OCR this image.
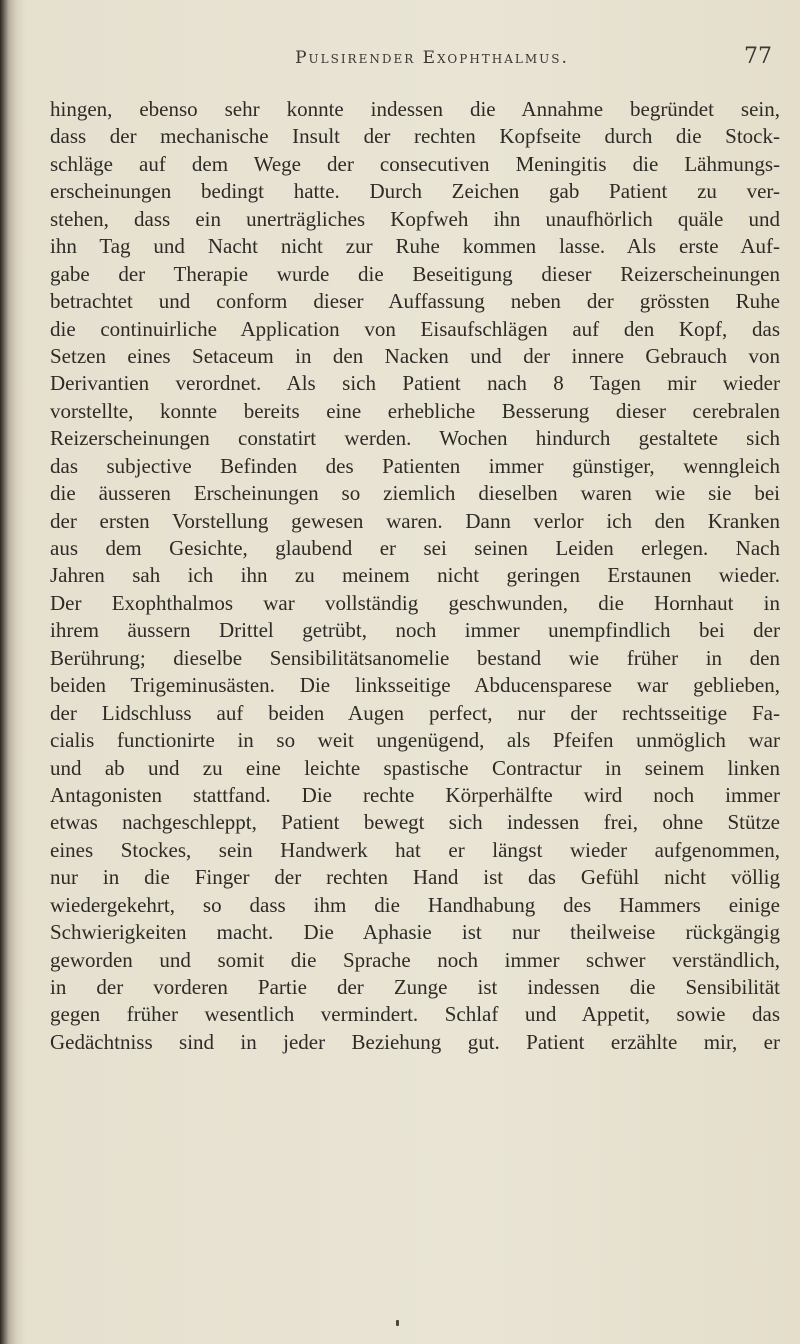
Pulsirender Exophthalmus.	77
hingen, ebenso sehr konnte indessen die Annahme begründet sein,
dass der mechanische Insult der rechten Kopfseite durch die Stock-
schläge auf dem Wege der consecutiven Meningitis die Lähmungs-
erscheinungen bedingt hatte. Durch Zeichen gab Patient zu ver-
stehen, dass ein unerträgliches Kopfweh ihn unaufhörlich quäle und
ihn Tag und Nacht nicht zur Ruhe kommen lasse. Als erste Auf-
gabe der Therapie wurde die Beseitigung dieser Reizerscheinungen
betrachtet und conform dieser Auffassung neben der grössten Ruhe
die continuirliche Application von Eisaufschlägen auf den Kopf, das
Setzen eines Setaceum in den Nacken und der innere Gebrauch von
Derivantien verordnet. Als sich Patient nach 8 Tagen mir wieder
vorstellte, konnte bereits eine erhebliche Besserung dieser cerebralen
Reizerscheinungen constatirt werden. Wochen hindurch gestaltete sich
das subjective Befinden des Patienten immer günstiger, wenngleich
die äusseren Erscheinungen so ziemlich dieselben waren wie sie bei
der ersten Vorstellung gewesen waren. Dann verlor ich den Kranken
aus dem Gesichte, glaubend er sei seinen Leiden erlegen. Nach
Jahren sah ich ihn zu meinem nicht geringen Erstaunen wieder.
Der Exophthalmos war vollständig geschwunden, die Hornhaut in
ihrem äussern Drittel getrübt, noch immer unempfindlich bei der
Berührung; dieselbe Sensibilitätsanomelie bestand wie früher in den
beiden Trigeminusästen. Die linksseitige Abducensparese war geblieben,
der Lidschluss auf beiden Augen perfect, nur der rechtsseitige Fa-
cialis functionirte in so weit ungenügend, als Pfeifen unmöglich war
und ab und zu eine leichte spastische Contractur in seinem linken
Antagonisten stattfand. Die rechte Körperhälfte wird noch immer
etwas nachgeschleppt, Patient bewegt sich indessen frei, ohne Stütze
eines Stockes, sein Handwerk hat er längst wieder aufgenommen,
nur in die Finger der rechten Hand ist das Gefühl nicht völlig
wiedergekehrt, so dass ihm die Handhabung des Hammers einige
Schwierigkeiten macht. Die Aphasie ist nur theilweise rückgängig
geworden und somit die Sprache noch immer schwer verständlich,
in der vorderen Partie der Zunge ist indessen die Sensibilität
gegen früher wesentlich vermindert. Schlaf und Appetit, sowie das
Gedächtniss sind in jeder Beziehung gut. Patient erzählte mir, er
